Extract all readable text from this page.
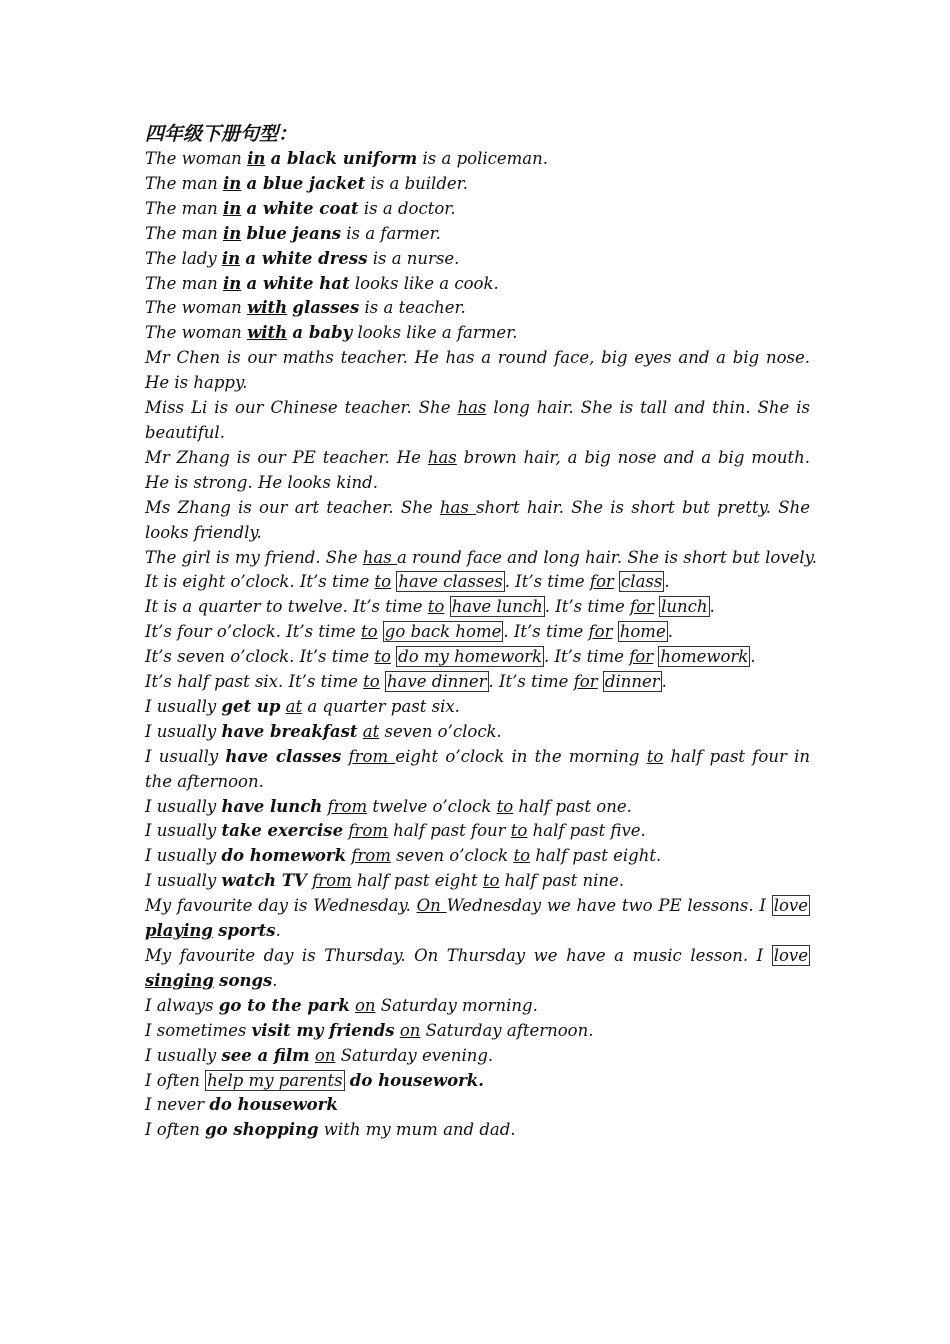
四年级下册句型：
The woman in a black uniform is a policeman.
The man in a blue jacket is a builder.
The man in a white coat is a doctor.
The man in blue jeans is a farmer.
The lady in a white dress is a nurse.
The man in a white hat looks like a cook.
The woman with glasses is a teacher.
The woman with a baby looks like a farmer.
Mr Chen is our maths teacher. He has a round face, big eyes and a big nose. He is happy.
Miss Li is our Chinese teacher. She has long hair. She is tall and thin. She is beautiful.
Mr Zhang is our PE teacher. He has brown hair, a big nose and a big mouth. He is strong. He looks kind.
Ms Zhang is our art teacher. She has short hair. She is short but pretty. She looks friendly.
The girl is my friend. She has a round face and long hair. She is short but lovely.
It is eight o’clock. It’s time to have classes . It’s time for class .
It is a quarter to twelve. It’s time to have lunch . It’s time for lunch .
It’s four o’clock. It’s time to go back home . It’s time for home .
It’s seven o’clock. It’s time to do my homework . It’s time for homework .
It’s half past six. It’s time to have dinner . It’s time for dinner .
I usually get up at a quarter past six.
I usually have breakfast at seven o’clock.
I usually have classes from eight o’clock in the morning to half past four in the afternoon.
I usually have lunch from twelve o’clock to half past one.
I usually take exercise from half past four to half past five.
I usually do homework from seven o’clock to half past eight.
I usually watch TV from half past eight to half past nine.
My favourite day is Wednesday. On Wednesday we have two PE lessons. I love playing sports.
My favourite day is Thursday. On Thursday we have a music lesson. I love singing songs.
I always go to the park on Saturday morning.
I sometimes visit my friends on Saturday afternoon.
I usually see a film on Saturday evening.
I often help my parents do housework.
I never do housework
I often go shopping with my mum and dad.
